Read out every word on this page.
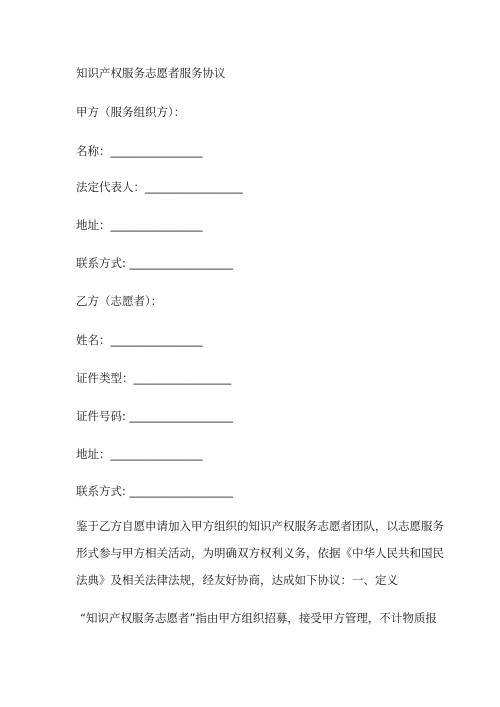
知识产权服务志愿者服务协议
甲方（服务组织方）：
名称：________________
法定代表人：_________________
地址：________________
联系方式: __________________
乙方（志愿者）：
姓名：________________
证件类型：_________________
证件号码: __________________
地址：________________
联系方式: __________________
鉴于乙方自愿申请加入甲方组织的知识产权服务志愿者团队，以志愿服务
形式参与甲方相关活动，为明确双方权利义务，依据《中华人民共和国民
法典》及相关法律法规，经友好协商，达成如下协议：一、定义
“知识产权服务志愿者”指由甲方组织招募，接受甲方管理，不计物质报
